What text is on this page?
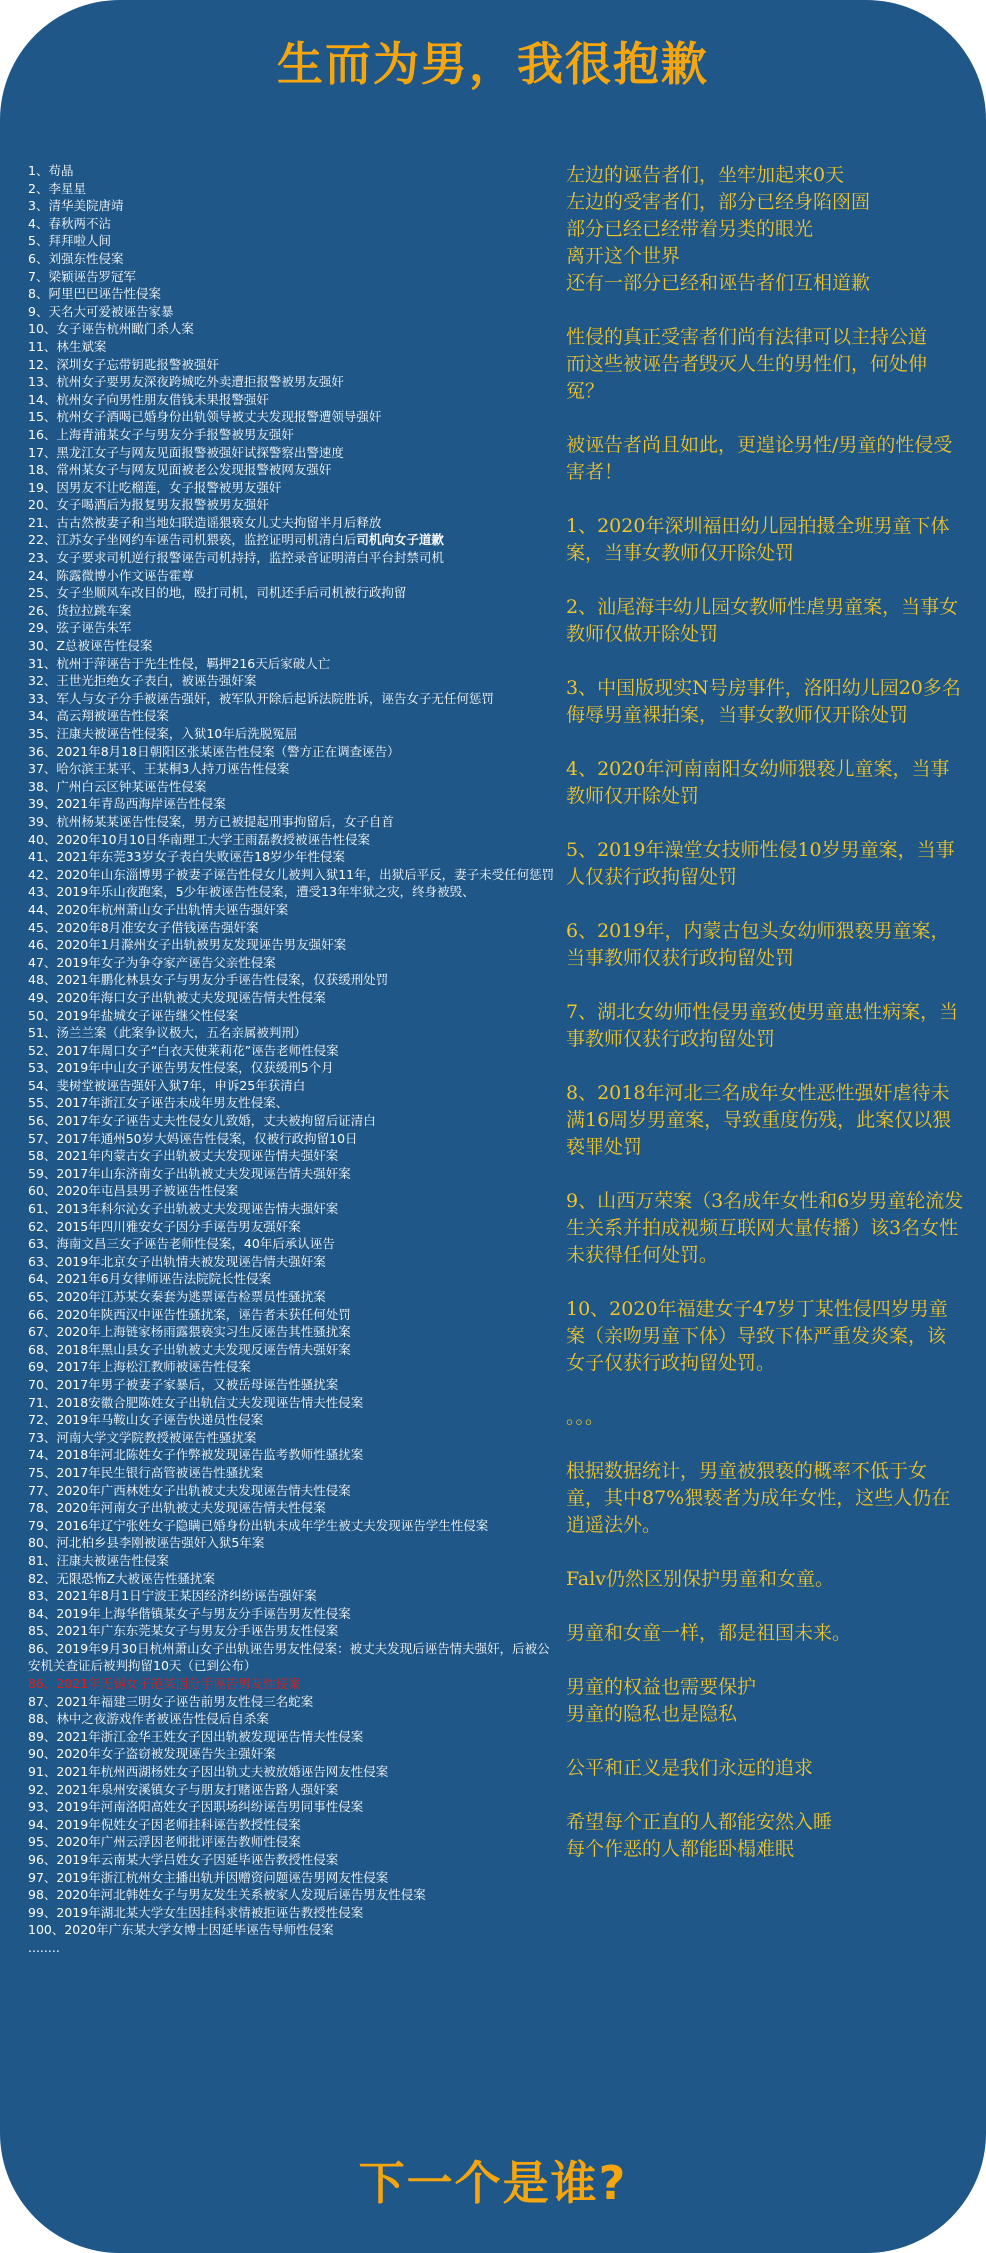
生而为男，我很抱歉
1、苟晶
2、李星星
3、清华美院唐靖
4、春秋两不沾
5、拜拜啦人间
6、刘强东性侵案
7、梁颖诬告罗冠军
8、阿里巴巴诬告性侵案
9、天名大可爱被诬告家暴
10、女子诬告杭州瞰门杀人案
11、林生斌案
12、深圳女子忘带钥匙报警被强奸
13、杭州女子要男友深夜跨城吃外卖遭拒报警被男友强奸
14、杭州女子向男性朋友借钱未果报警强奸
15、杭州女子酒喝已婚身份出轨领导被丈夫发现报警遭领导强奸
16、上海青浦某女子与男友分手报警被男友强奸
17、黑龙江女子与网友见面报警被强奸试探警察出警速度
18、常州某女子与网友见面被老公发现报警被网友强奸
19、因男友不让吃榴莲，女子报警被男友强奸
20、女子喝酒后为报复男友报警被男友强奸
21、古古然被妻子和当地妇联造谣猥亵女儿丈夫拘留半月后释放
22、江苏女子坐网约车诬告司机猥亵，监控证明司机清白后司机向女子道歉
23、女子要求司机逆行报警诬告司机持持，监控录音证明清白平台封禁司机
24、陈露微博小作文诬告霍尊
25、女子坐顺风车改目的地，殴打司机，司机还手后司机被行政拘留
26、货拉拉跳车案
29、弦子诬告朱军
30、Z总被诬告性侵案
31、杭州于萍诬告于先生性侵，羁押216天后家破人亡
32、王世光拒绝女子表白，被诬告强奸案
33、军人与女子分手被诬告强奸，被军队开除后起诉法院胜诉，诬告女子无任何惩罚
34、高云翔被诬告性侵案
35、汪康夫被诬告性侵案，入狱10年后洗脱冤屈
36、2021年8月18日朝阳区张某诬告性侵案（警方正在调查诬告）
37、哈尔滨王某平、王某桐3人持刀诬告性侵案
38、广州白云区钟某诬告性侵案
39、2021年青岛西海岸诬告性侵案
39、杭州杨某某诬告性侵案，男方已被提起刑事拘留后，女子自首
40、2020年10月10日华南理工大学王雨磊教授被诬告性侵案
41、2021年东莞33岁女子表白失败诬告18岁少年性侵案
42、2020年山东淄博男子被妻子诬告性侵女儿被判入狱11年，出狱后平反，妻子未受任何惩罚
43、2019年乐山夜跑案，5少年被诬告性侵案，遭受13年牢狱之灾，终身被毁、
44、2020年杭州萧山女子出轨情夫诬告强奸案
45、2020年8月准安女子借钱诬告强奸案
46、2020年1月滁州女子出轨被男友发现诬告男友强奸案
47、2019年女子为争夺家产诬告父亲性侵案
48、2021年鹏化林县女子与男友分手诬告性侵案，仅获缓刑处罚
49、2020年海口女子出轨被丈夫发现诬告情夫性侵案
50、2019年盐城女子诬告继父性侵案
51、汤兰兰案（此案争议极大，五名亲属被判刑）
52、2017年周口女子“白衣天使莱莉花”诬告老师性侵案
53、2019年中山女子诬告男友性侵案，仅获缓刑5个月
54、斐树堂被诬告强奸入狱7年，申诉25年获清白
55、2017年浙江女子诬告未成年男友性侵案、
56、2017年女子诬告丈夫性侵女儿致婚，丈夫被拘留后证清白
57、2017年通州50岁大妈诬告性侵案，仅被行政拘留10日
58、2021年内蒙古女子出轨被丈夫发现诬告情夫强奸案
59、2017年山东济南女子出轨被丈夫发现诬告情夫强奸案
60、2020年屯昌县男子被诬告性侵案
61、2013年科尔沁女子出轨被丈夫发现诬告情夫强奸案
62、2015年四川雅安女子因分手诬告男友强奸案
63、海南文昌三女子诬告老师性侵案，40年后承认诬告
63、2019年北京女子出轨情夫被发现诬告情夫强奸案
64、2021年6月女律师诬告法院院长性侵案
65、2020年江苏某女秦套为逃票诬告检票员性骚扰案
66、2020年陕西汉中诬告性骚扰案，诬告者未获任何处罚
67、2020年上海链家杨雨露猥亵实习生反诬告其性骚扰案
68、2018年黑山县女子出轨被丈夫发现反诬告情夫强奸案
69、2017年上海松江教师被诬告性侵案
70、2017年男子被妻子家暴后，又被岳母诬告性骚扰案
71、2018安徽合肥陈姓女子出轨信丈夫发现诬告情夫性侵案
72、2019年马鞍山女子诬告快递员性侵案
73、河南大学文学院教授被诬告性骚扰案
74、2018年河北陈姓女子作弊被发现诬告监考教师性骚扰案
75、2017年民生银行高管被诬告性骚扰案
77、2020年广西林姓女子出轨被丈夫发现诬告情夫性侵案
78、2020年河南女子出轨被丈夫发现诬告情夫性侵案
79、2016年辽宁张姓女子隐瞒已婚身份出轨未成年学生被丈夫发现诬告学生性侵案
80、河北柏乡县李刚被诬告强奸入狱5年案
81、汪康夫被诬告性侵案
82、无限恐怖Z大被诬告性骚扰案
83、2021年8月1日宁波王某因经济纠纷诬告强奸案
84、2019年上海华偕镇某女子与男友分手诬告男友性侵案
85、2021年广东东莞某女子与男友分手诬告男友性侵案
86、2019年9月30日杭州萧山女子出轨诬告男友性侵案：被丈夫发现后诬告情夫强奸，后被公安机关查证后被判拘留10天（已到公布）
86、2021年无锡女子范某因分手诬告男友性侵案
87、2021年福建三明女子诬告前男友性侵三名蛇案
88、林中之夜游戏作者被诬告性侵后自杀案
89、2021年浙江金华王姓女子因出轨被发现诬告情夫性侵案
90、2020年女子盗窃被发现诬告失主强奸案
91、2021年杭州西湖杨姓女子因出轨丈夫被放婚诬告网友性侵案
92、2021年泉州安溪镇女子与朋友打赌诬告路人强奸案
93、2019年河南洛阳高姓女子因职场纠纷诬告男同事性侵案
94、2019年倪姓女子因老师挂科诬告教授性侵案
95、2020年广州云浮因老师批评诬告教师性侵案
96、2019年云南某大学吕姓女子因延毕诬告教授性侵案
97、2019年浙江杭州女主播出轨并因赠资问题诬告男网友性侵案
98、2020年河北韩姓女子与男友发生关系被家人发现后诬告男友性侵案
99、2019年湖北某大学女生因挂科求情被拒诬告教授性侵案
100、2020年广东某大学女博士因延毕诬告导师性侵案
........

左边的诬告者们，坐牢加起来0天
左边的受害者们，部分已经身陷囹圄
部分已经已经带着另类的眼光
离开这个世界
还有一部分已经和诬告者们互相道歉

性侵的真正受害者们尚有法律可以主持公道
而这些被诬告者毁灭人生的男性们，何处伸冤？

被诬告者尚且如此，更遑论男性/男童的性侵受害者！

1、2020年深圳福田幼儿园拍摄全班男童下体案，当事女教师仅开除处罚

2、汕尾海丰幼儿园女教师性虐男童案，当事女教师仅做开除处罚

3、中国版现实N号房事件，洛阳幼儿园20多名侮辱男童裸拍案，当事女教师仅开除处罚

4、2020年河南南阳女幼师猥亵儿童案，当事教师仅开除处罚

5、2019年澡堂女技师性侵10岁男童案，当事人仅获行政拘留处罚

6、2019年，内蒙古包头女幼师猥亵男童案，当事教师仅获行政拘留处罚

7、湖北女幼师性侵男童致使男童患性病案，当事教师仅获行政拘留处罚

8、2018年河北三名成年女性恶性强奸虐待未满16周岁男童案，导致重度伤残，此案仅以猥亵罪处罚

9、山西万荣案（3名成年女性和6岁男童轮流发生关系并拍成视频互联网大量传播）该3名女性未获得任何处罚。

10、2020年福建女子47岁丁某性侵四岁男童案（亲吻男童下体）导致下体严重发炎案，该女子仅获行政拘留处罚。

。。。

根据数据统计，男童被猥亵的概率不低于女童，其中87%猥亵者为成年女性，这些人仍在逍遥法外。

Falv仍然区别保护男童和女童。

男童和女童一样，都是祖国未来。

男童的权益也需要保护
男童的隐私也是隐私

公平和正义是我们永远的追求

希望每个正直的人都能安然入睡
每个作恶的人都能卧榻难眠

下一个是谁?
